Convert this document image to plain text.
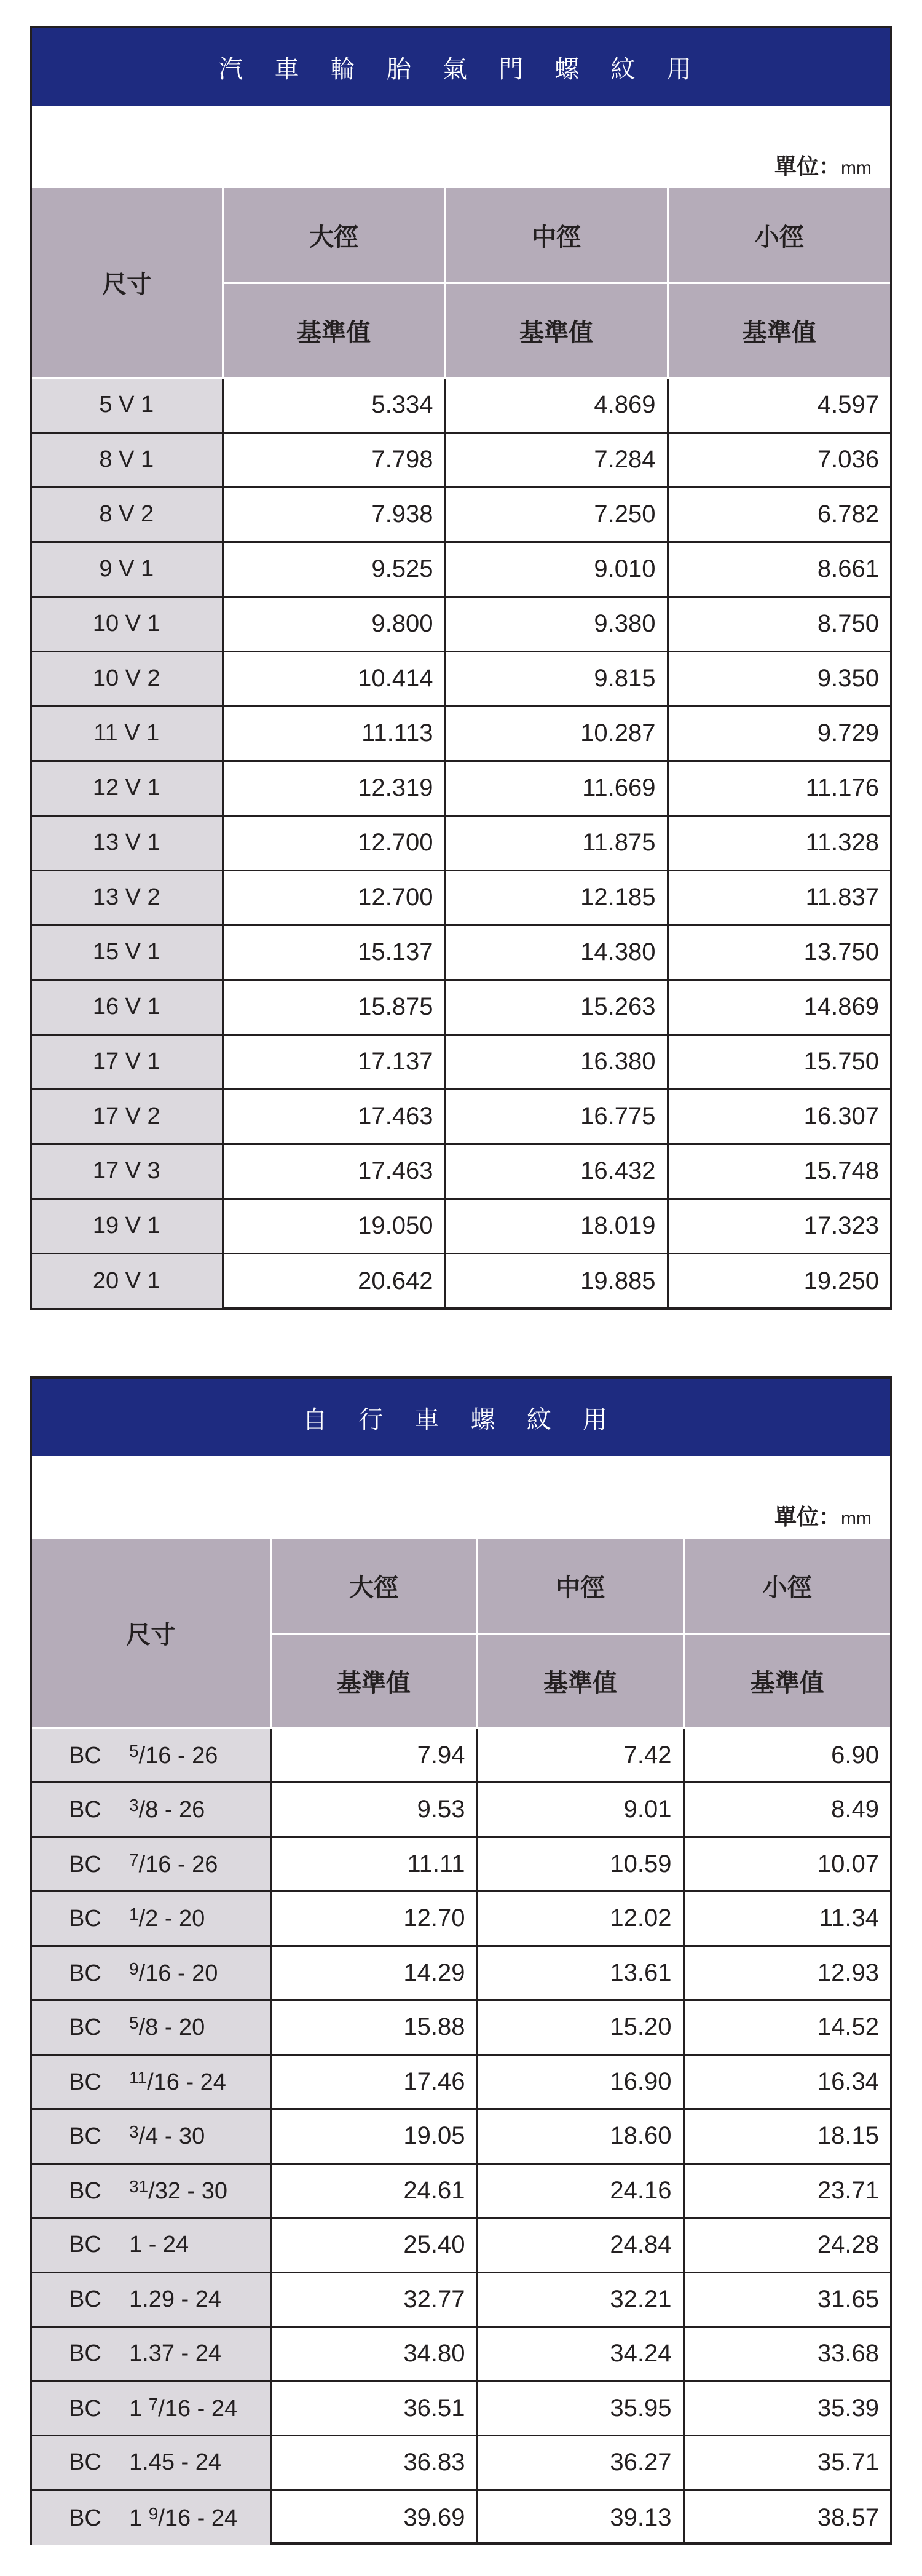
汽 車 輪 胎 氣 門 螺 紋 用
單位：mm
尺寸	大徑	中徑	小徑
	基準值	基準值	基準值
5 V 1	5.334	4.869	4.597
8 V 1	7.798	7.284	7.036
8 V 2	7.938	7.250	6.782
9 V 1	9.525	9.010	8.661
10 V 1	9.800	9.380	8.750
10 V 2	10.414	9.815	9.350
11 V 1	11.113	10.287	9.729
12 V 1	12.319	11.669	11.176
13 V 1	12.700	11.875	11.328
13 V 2	12.700	12.185	11.837
15 V 1	15.137	14.380	13.750
16 V 1	15.875	15.263	14.869
17 V 1	17.137	16.380	15.750
17 V 2	17.463	16.775	16.307
17 V 3	17.463	16.432	15.748
19 V 1	19.050	18.019	17.323
20 V 1	20.642	19.885	19.250
自 行 車 螺 紋 用
單位：mm
尺寸	大徑	中徑	小徑
	基準值	基準值	基準值
BC $^5$/16 - 26	7.94	7.42	6.90
BC $^3$/8 - 26	9.53	9.01	8.49
BC $^7$/16 - 26	11.11	10.59	10.07
BC $^1$/2 - 20	12.70	12.02	11.34
BC $^9$/16 - 20	14.29	13.61	12.93
BC $^5$/8 - 20	15.88	15.20	14.52
BC $^{11}$/16 - 24	17.46	16.90	16.34
BC $^3$/4 - 30	19.05	18.60	18.15
BC $^{31}$/32 - 30	24.61	24.16	23.71
BC 1 - 24	25.40	24.84	24.28
BC 1.29 - 24	32.77	32.21	31.65
BC 1.37 - 24	34.80	34.24	33.68
BC 1 $^7$/16 - 24	36.51	35.95	35.39
BC 1.45 - 24	36.83	36.27	35.71
BC 1 $^9$/16 - 24	39.69	39.13	38.57
